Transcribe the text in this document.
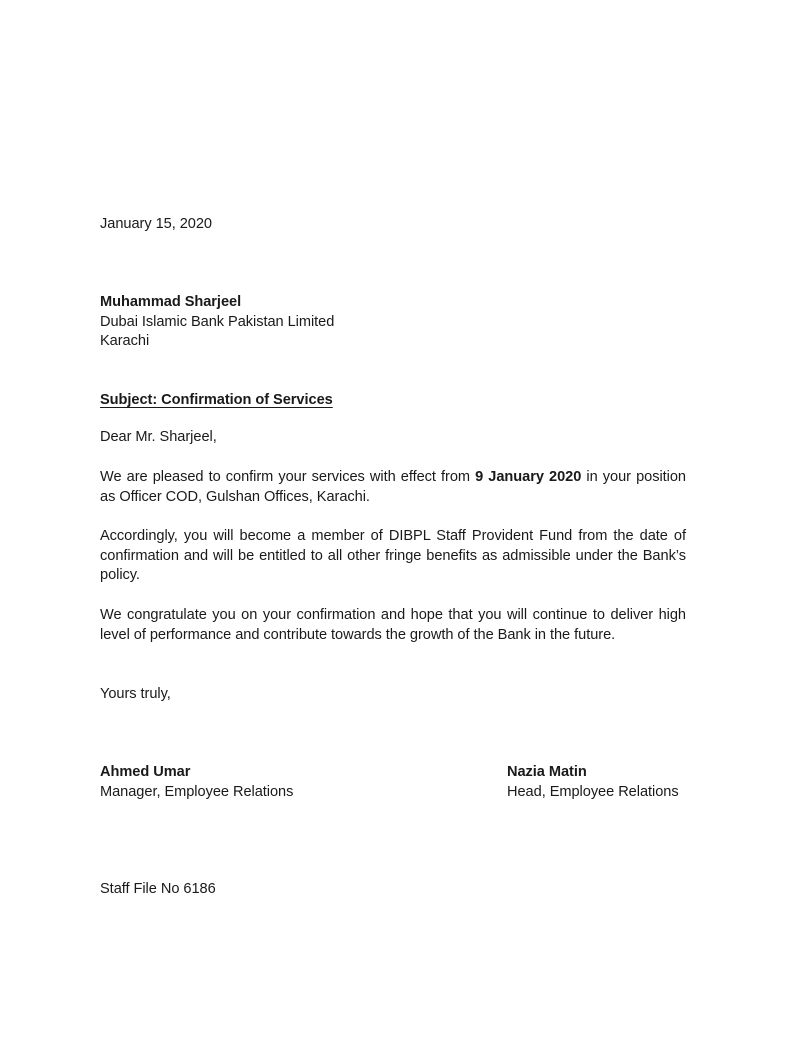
January 15, 2020
Muhammad Sharjeel
Dubai Islamic Bank Pakistan Limited
Karachi
Subject: Confirmation of Services
Dear Mr. Sharjeel,
We are pleased to confirm your services with effect from 9 January 2020 in your position as Officer COD, Gulshan Offices, Karachi.
Accordingly, you will become a member of DIBPL Staff Provident Fund from the date of confirmation and will be entitled to all other fringe benefits as admissible under the Bank’s policy.
We congratulate you on your confirmation and hope that you will continue to deliver high level of performance and contribute towards the growth of the Bank in the future.
Yours truly,
Ahmed Umar
Manager, Employee Relations
Nazia Matin
Head, Employee Relations
Staff File No 6186
